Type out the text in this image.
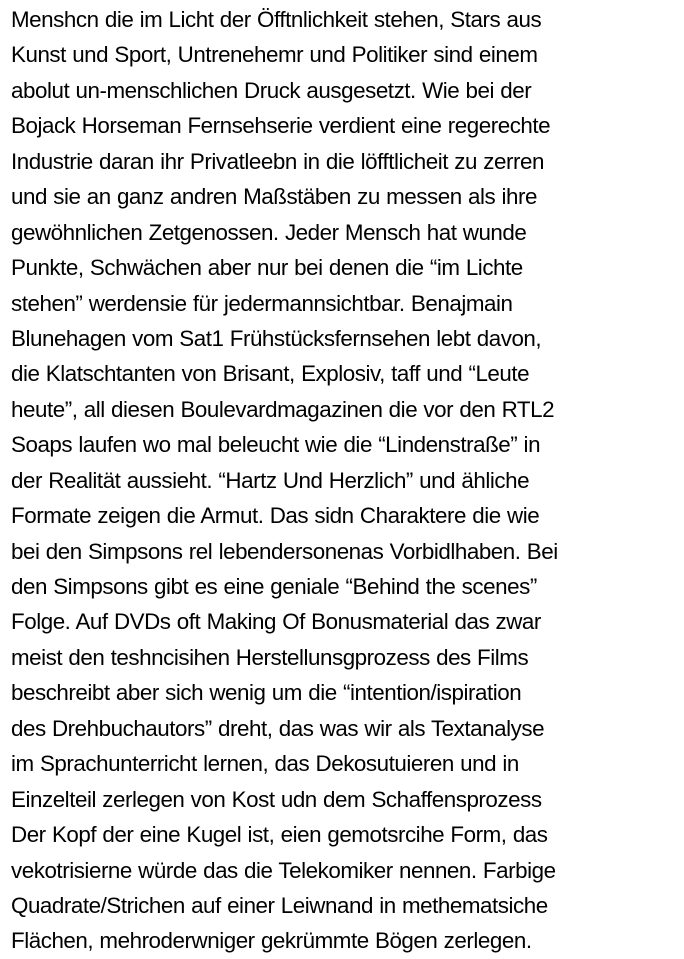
Menshcn die im Licht der Öfftnlichkeit stehen, Stars aus
Kunst und Sport, Untrenehemr und Politiker sind einem
abolut un-menschlichen Druck ausgesetzt. Wie bei der
Bojack Horseman Fernsehserie verdient eine regerechte
Industrie daran ihr Privatleebn in die löfftlicheit zu zerren
und sie an ganz andren Maßstäben zu messen als ihre
gewöhnlichen Zetgenossen. Jeder Mensch hat wunde
Punkte, Schwächen aber nur bei denen die “im Lichte
stehen” werdensie für jedermannsichtbar. Benajmain
Blunehagen vom Sat1 Frühstücksfernsehen lebt davon,
die Klatschtanten von Brisant, Explosiv, taff und “Leute
heute”, all diesen Boulevardmagazinen die vor den RTL2
Soaps laufen wo mal beleucht wie die “Lindenstraße” in
der Realität aussieht. “Hartz Und Herzlich” und ähliche
Formate zeigen die Armut. Das sidn Charaktere die wie
bei den Simpsons rel lebendersonenas Vorbidlhaben. Bei
den Simpsons gibt es eine geniale “Behind the scenes”
Folge. Auf DVDs oft Making Of Bonusmaterial das zwar
meist den teshncisihen Herstellunsgprozess des Films
beschreibt aber sich wenig um die “intention/ispiration
des Drehbuchautors” dreht, das was wir als Textanalyse
im Sprachunterricht lernen, das Dekosutuieren und in
Einzelteil zerlegen von Kost udn dem Schaffensprozess
Der Kopf der eine Kugel ist, eien gemotsrcihe Form, das
vekotrisierne würde das die Telekomiker nennen. Farbige
Quadrate/Strichen auf einer Leiwnand in methematsiche
Flächen, mehroderwniger gekrümmte Bögen zerlegen.
